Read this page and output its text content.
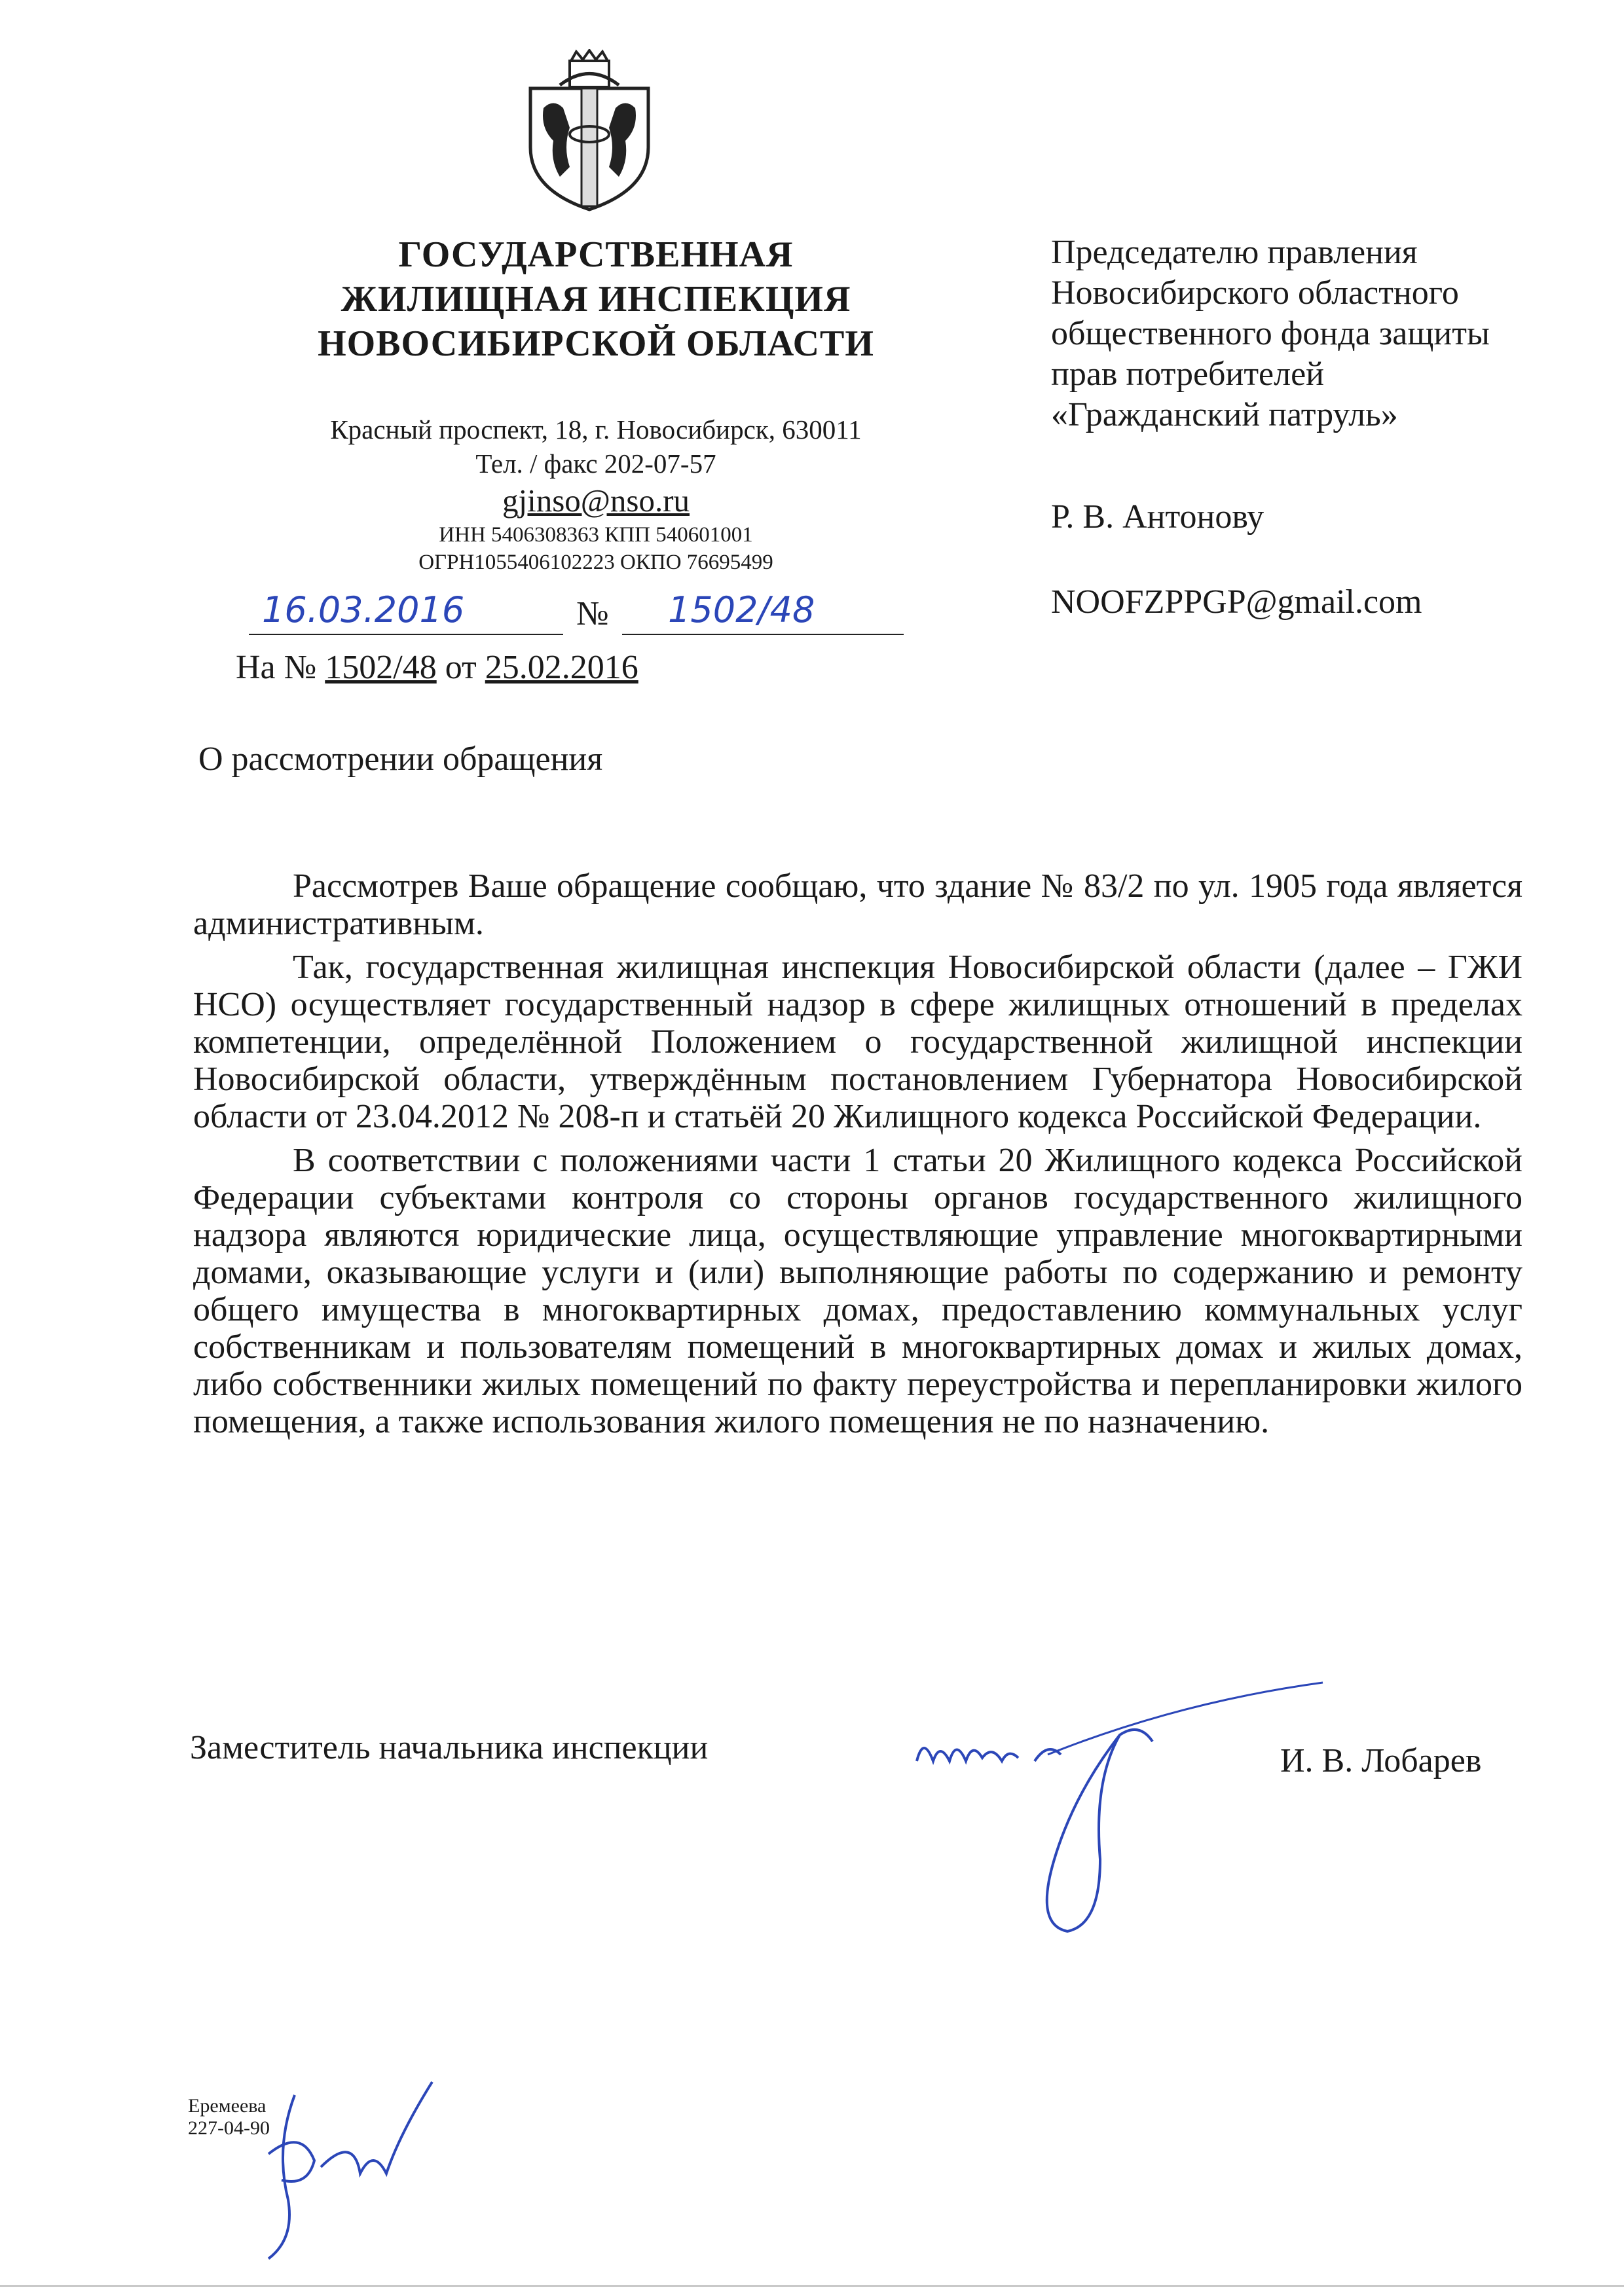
ГОСУДАРСТВЕННАЯ
ЖИЛИЩНАЯ ИНСПЕКЦИЯ
НОВОСИБИРСКОЙ ОБЛАСТИ
Красный проспект, 18, г. Новосибирск, 630011
Тел. / факс 202-07-57
gjinso@nso.ru
ИНН 5406308363 КПП 540601001
ОГРН1055406102223 ОКПО 76695499
16.03.2016	№ 1502/48
На № 1502/48 от 25.02.2016
Председателю правления
Новосибирского областного
общественного фонда защиты
прав потребителей
«Гражданский патруль»
Р. В. Антонову
NOOFZPPGP@gmail.com
О рассмотрении обращения

Рассмотрев Ваше обращение сообщаю, что здание № 83/2 по ул. 1905 года является административным.

Так, государственная жилищная инспекция Новосибирской области (далее – ГЖИ НСО) осуществляет государственный надзор в сфере жилищных отношений в пределах компетенции, определённой Положением о государственной жилищной инспекции Новосибирской области, утверждённым постановлением Губернатора Новосибирской области от 23.04.2012 № 208-п и статьёй 20 Жилищного кодекса Российской Федерации.

В соответствии с положениями части 1 статьи 20 Жилищного кодекса Российской Федерации субъектами контроля со стороны органов государственного жилищного надзора являются юридические лица, осуществляющие управление многоквартирными домами, оказывающие услуги и (или) выполняющие работы по содержанию и ремонту общего имущества в многоквартирных домах, предоставлению коммунальных услуг собственникам и пользователям помещений в многоквартирных домах и жилых домах, либо собственники жилых помещений по факту переустройства и перепланировки жилого помещения, а также использования жилого помещения не по назначению.

Заместитель начальника инспекции	И. В. Лобарев
Еремеева
227-04-90
